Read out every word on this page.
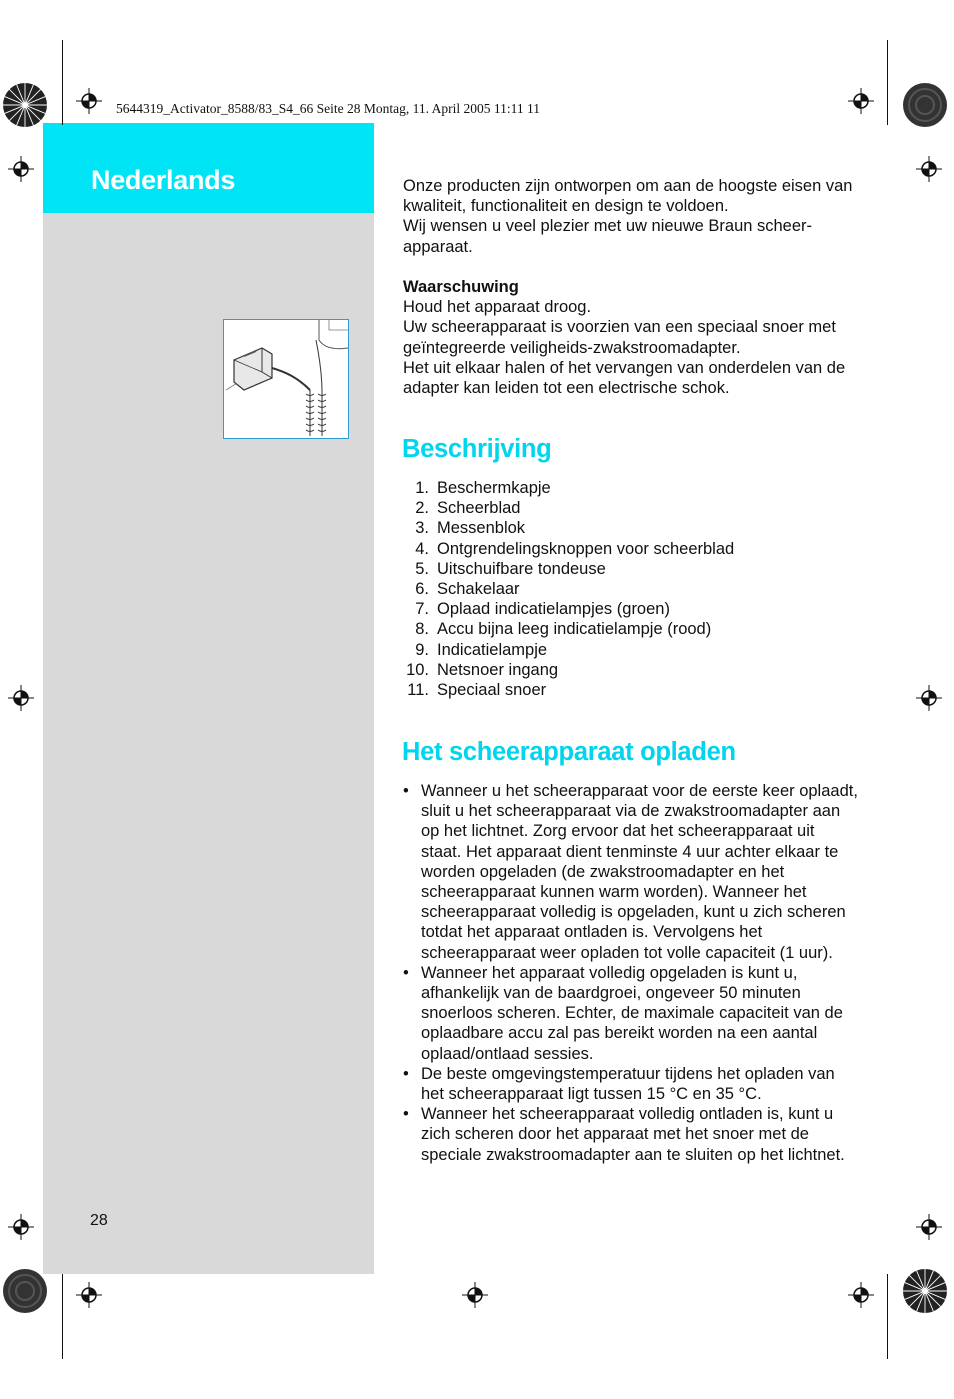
5644319_Activator_8588/83_S4_66 Seite 28 Montag, 11. April 2005 11:11 11
Nederlands
28

Onze producten zijn ontworpen om aan de hoogste eisen van kwaliteit, functionaliteit en design te voldoen.

Wij wensen u veel plezier met uw nieuwe Braun scheer-apparaat.

Waarschuwing

Houd het apparaat droog.

Uw scheerapparaat is voorzien van een speciaal snoer met geïntegreerde veiligheids-zwakstroomadapter.

Het uit elkaar halen of het vervangen van onderdelen van de adapter kan leiden tot een electrische schok.

Beschrijving
1. Beschermkapje
2. Scheerblad
3. Messenblok
4. Ontgrendelingsknoppen voor scheerblad
5. Uitschuifbare tondeuse
6. Schakelaar
7. Oplaad indicatielampjes (groen)
8. Accu bijna leeg indicatielampje (rood)
9. Indicatielampje
10. Netsnoer ingang
11. Speciaal snoer
Het scheerapparaat opladen
• Wanneer u het scheerapparaat voor de eerste keer oplaadt, sluit u het scheerapparaat via de zwakstroomadapter aan op het lichtnet. Zorg ervoor dat het scheerapparaat uit staat. Het apparaat dient tenminste 4 uur achter elkaar te worden opgeladen (de zwakstroomadapter en het scheerapparaat kunnen warm worden). Wanneer het scheerapparaat volledig is opgeladen, kunt u zich scheren totdat het apparaat ontladen is. Vervolgens het scheerapparaat weer opladen tot volle capaciteit (1 uur).
• Wanneer het apparaat volledig opgeladen is kunt u, afhankelijk van de baardgroei, ongeveer 50 minuten snoerloos scheren. Echter, de maximale capaciteit van de oplaadbare accu zal pas bereikt worden na een aantal oplaad/ontlaad sessies.
• De beste omgevingstemperatuur tijdens het opladen van het scheerapparaat ligt tussen 15 °C en 35 °C.
• Wanneer het scheerapparaat volledig ontladen is, kunt u zich scheren door het apparaat met het snoer met de speciale zwakstroomadapter aan te sluiten op het lichtnet.
